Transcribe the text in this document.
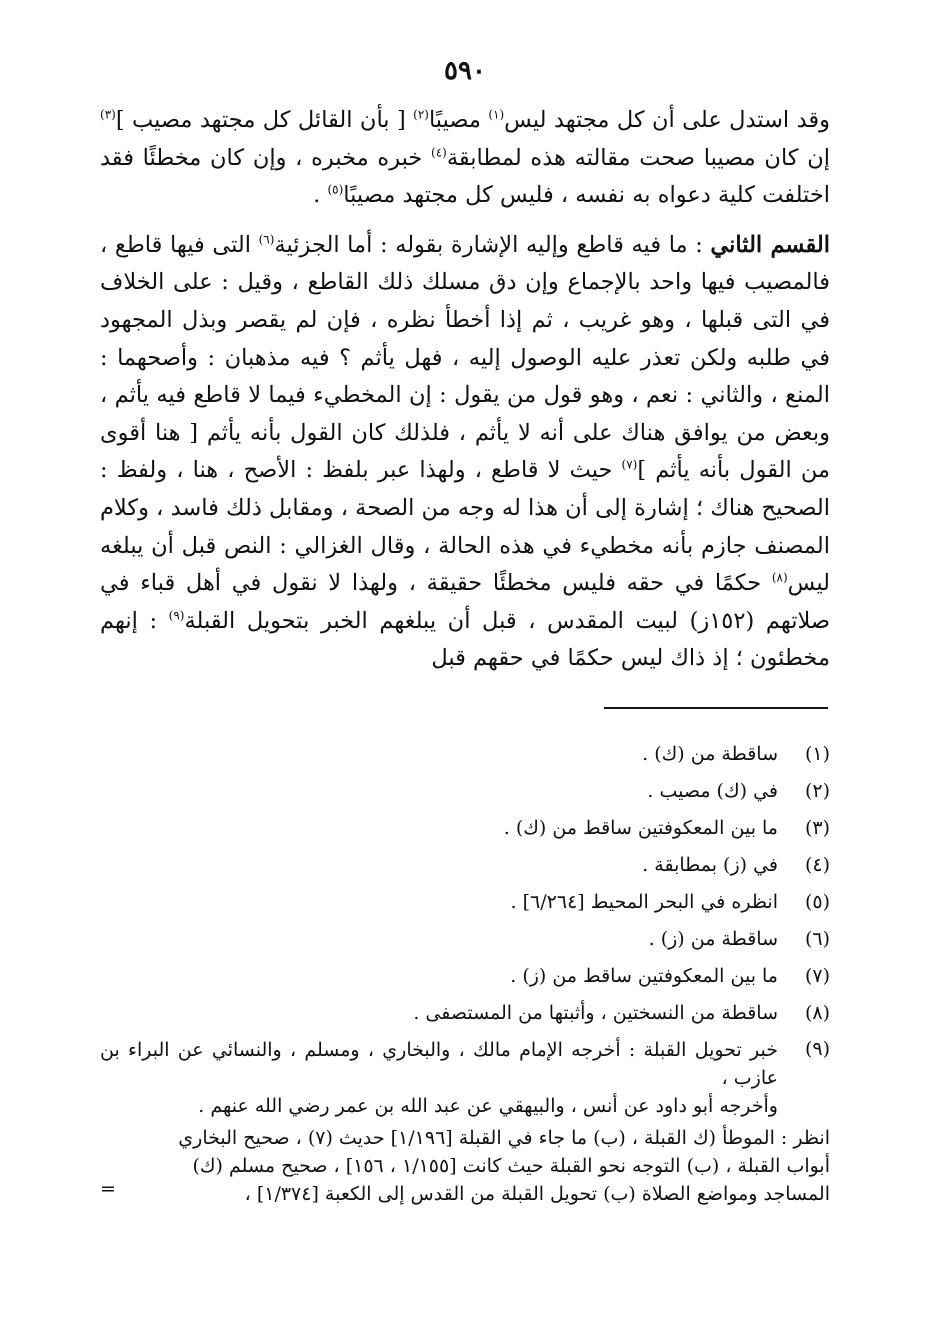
٥٩٠

وقد استدل على أن كل مجتهد ليس$^{(١)}$ مصيبًا$^{(٢)}$ [ بأن القائل كل مجتهد مصيب ]$^{(٣)}$ إن كان مصيبا صحت مقالته هذه لمطابقة$^{(٤)}$ خبره مخبره ، وإن كان مخطئًا فقد اختلفت كلية دعواه به نفسه ، فليس كل مجتهد مصيبًا$^{(٥)}$ .

القسم الثاني : ما فيه قاطع وإليه الإشارة بقوله : أما الجزئية$^{(٦)}$ التى فيها قاطع ، فالمصيب فيها واحد بالإجماع وإن دق مسلك ذلك القاطع ، وقيل : على الخلاف في التى قبلها ، وهو غريب ، ثم إذا أخطأ نظره ، فإن لم يقصر وبذل المجهود في طلبه ولكن تعذر عليه الوصول إليه ، فهل يأثم ؟ فيه مذهبان : وأصحهما : المنع ، والثاني : نعم ، وهو قول من يقول : إن المخطيء فيما لا قاطع فيه يأثم ، وبعض من يوافق هناك على أنه لا يأثم ، فلذلك كان القول بأنه يأثم [ هنا أقوى من القول بأنه يأثم ]$^{(٧)}$ حيث لا قاطع ، ولهذا عبر بلفظ : الأصح ، هنا ، ولفظ : الصحيح هناك ؛ إشارة إلى أن هذا له وجه من الصحة ، ومقابل ذلك فاسد ، وكلام المصنف جازم بأنه مخطيء في هذه الحالة ، وقال الغزالي : النص قبل أن يبلغه ليس$^{(٨)}$ حكمًا في حقه فليس مخطئًا حقيقة ، ولهذا لا نقول في أهل قباء في صلاتهم (١٥٢ز) لبيت المقدس ، قبل أن يبلغهم الخبر بتحويل القبلة$^{(٩)}$ : إنهم مخطئون ؛ إذ ذاك ليس حكمًا في حقهم قبل

(١)
ساقطة من (ك) .

(٢)
في (ك) مصيب .

(٣)
ما بين المعكوفتين ساقط من (ك) .

(٤)
في (ز) بمطابقة .

(٥)
انظره في البحر المحيط [٦/٢٦٤] .

(٦)
ساقطة من (ز) .

(٧)
ما بين المعكوفتين ساقط من (ز) .

(٨)
ساقطة من النسختين ، وأثبتها من المستصفى .

(٩)

خبر تحويل القبلة : أخرجه الإمام مالك ، والبخاري ، ومسلم ، والنسائي عن البراء بن عازب ،

وأخرجه أبو داود عن أنس ، والبيهقي عن عبد الله بن عمر رضي الله عنهم .

انظر : الموطأ (ك القبلة ، (ب) ما جاء في القبلة [١/١٩٦] حديث (٧) ، صحيح البخاري

أبواب القبلة ، (ب) التوجه نحو القبلة حيث كانت [١/١٥٥ ، ١٥٦] ، صحيح مسلم (ك)

المساجد ومواضع الصلاة (ب) تحويل القبلة من القدس إلى الكعبة [١/٣٧٤] ،

=
